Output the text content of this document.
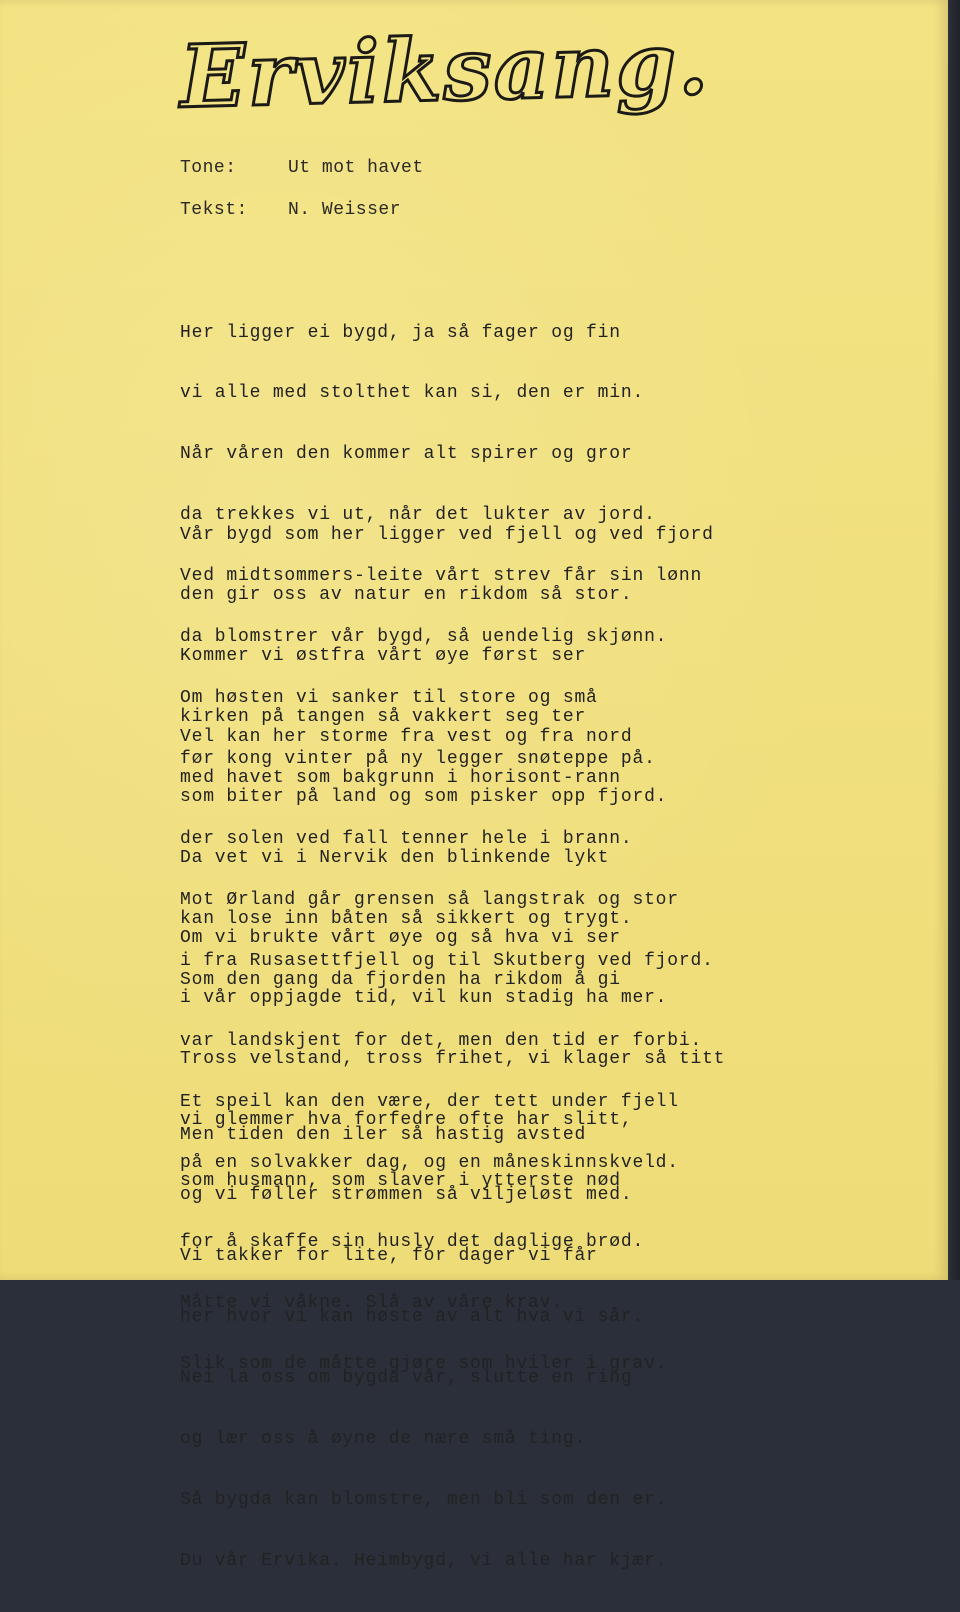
Erviksang.
Tone:	Ut mot havet
Tekst: N. Weisser

Her ligger ei bygd, ja så fager og fin

vi alle med stolthet kan si, den er min.

Når våren den kommer alt spirer og gror

da trekkes vi ut, når det lukter av jord.

Ved midtsommers-leite vårt strev får sin lønn

da blomstrer vår bygd, så uendelig skjønn.

Om høsten vi sanker til store og små

før kong vinter på ny legger snøteppe på.

Vår bygd som her ligger ved fjell og ved fjord

den gir oss av natur en rikdom så stor.

Kommer vi østfra vårt øye først ser

kirken på tangen så vakkert seg ter

med havet som bakgrunn i horisont-rann

der solen ved fall tenner hele i brann.

Mot Ørland går grensen så langstrak og stor

i fra Rusasettfjell og til Skutberg ved fjord.

Vel kan her storme fra vest og fra nord

som biter på land og som pisker opp fjord.

Da vet vi i Nervik den blinkende lykt

kan lose inn båten så sikkert og trygt.

Som den gang da fjorden ha rikdom å gi

var landskjent for det, men den tid er forbi.

Et speil kan den være, der tett under fjell

på en solvakker dag, og en måneskinnskveld.

Om vi brukte vårt øye og så hva vi ser

i vår oppjagde tid, vil kun stadig ha mer.

Tross velstand, tross frihet, vi klager så titt

vi glemmer hva forfedre ofte har slitt,

som husmann, som slaver i ytterste nød

for å skaffe sin husly det daglige brød.

Måtte vi våkne. Slå av våre krav.

Slik som de måtte gjøre som hviler i grav.

Men tiden den iler så hastig avsted

og vi føller strømmen så viljeløst med.

Vi takker for lite, for dager vi får

her hvor vi kan høste av alt hva vi sår.

Nei la oss om bygda vår, slutte en ring

og lær oss å øyne de nære små ting.

Så bygda kan blomstre, men bli som den er.

Du vår Ervika. Heimbygd, vi alle har kjær.
